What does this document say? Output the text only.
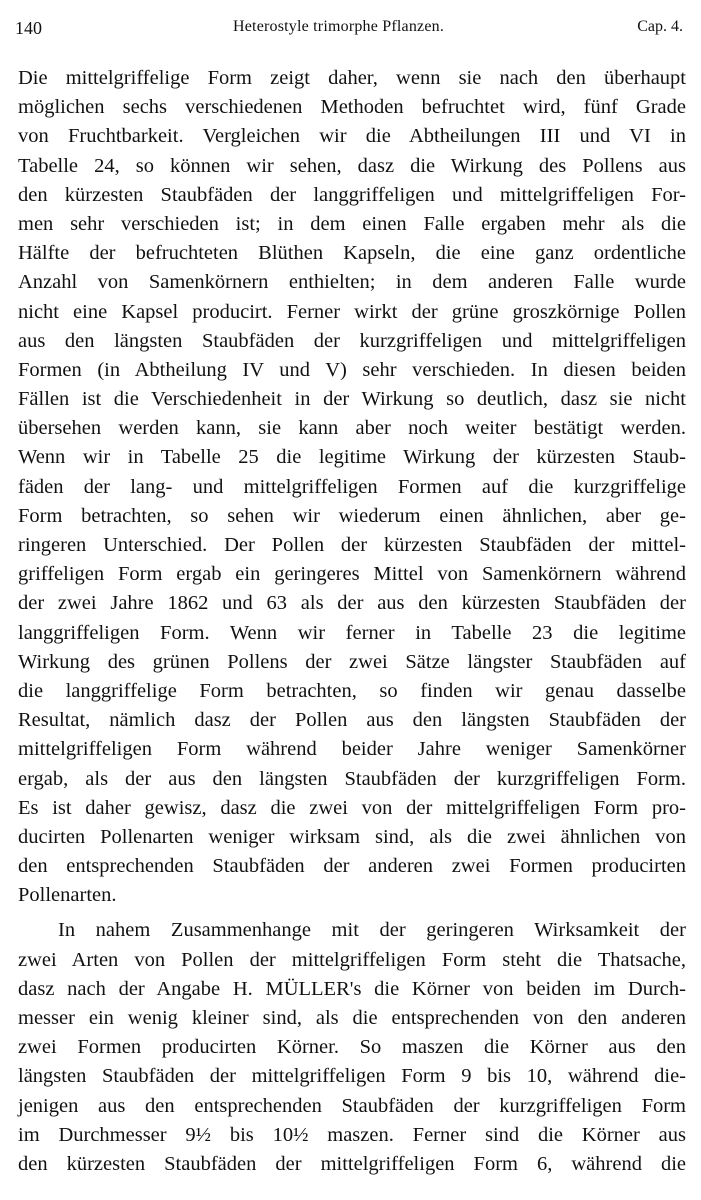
140	Heterostyle trimorphe Pflanzen.	Cap. 4.
Die mittelgriffelige Form zeigt daher, wenn sie nach den überhaupt
möglichen sechs verschiedenen Methoden befruchtet wird, fünf Grade
von Fruchtbarkeit. Vergleichen wir die Abtheilungen III und VI in
Tabelle 24, so können wir sehen, dasz die Wirkung des Pollens aus
den kürzesten Staubfäden der langgriffeligen und mittelgriffeligen For-
men sehr verschieden ist; in dem einen Falle ergaben mehr als die
Hälfte der befruchteten Blüthen Kapseln, die eine ganz ordentliche
Anzahl von Samenkörnern enthielten; in dem anderen Falle wurde
nicht eine Kapsel producirt. Ferner wirkt der grüne groszkörnige Pollen
aus den längsten Staubfäden der kurzgriffeligen und mittelgriffeligen
Formen (in Abtheilung IV und V) sehr verschieden. In diesen beiden
Fällen ist die Verschiedenheit in der Wirkung so deutlich, dasz sie nicht
übersehen werden kann, sie kann aber noch weiter bestätigt werden.
Wenn wir in Tabelle 25 die legitime Wirkung der kürzesten Staub-
fäden der lang- und mittelgriffeligen Formen auf die kurzgriffelige
Form betrachten, so sehen wir wiederum einen ähnlichen, aber ge-
ringeren Unterschied. Der Pollen der kürzesten Staubfäden der mittel-
griffeligen Form ergab ein geringeres Mittel von Samenkörnern während
der zwei Jahre 1862 und 63 als der aus den kürzesten Staubfäden der
langgriffeligen Form. Wenn wir ferner in Tabelle 23 die legitime
Wirkung des grünen Pollens der zwei Sätze längster Staubfäden auf
die langgriffelige Form betrachten, so finden wir genau dasselbe
Resultat, nämlich dasz der Pollen aus den längsten Staubfäden der
mittelgriffeligen Form während beider Jahre weniger Samenkörner
ergab, als der aus den längsten Staubfäden der kurzgriffeligen Form.
Es ist daher gewisz, dasz die zwei von der mittelgriffeligen Form pro-
ducirten Pollenarten weniger wirksam sind, als die zwei ähnlichen von
den entsprechenden Staubfäden der anderen zwei Formen producirten
Pollenarten.
In nahem Zusammenhange mit der geringeren Wirksamkeit der
zwei Arten von Pollen der mittelgriffeligen Form steht die Thatsache,
dasz nach der Angabe H. MÜLLER's die Körner von beiden im Durch-
messer ein wenig kleiner sind, als die entsprechenden von den anderen
zwei Formen producirten Körner. So maszen die Körner aus den
längsten Staubfäden der mittelgriffeligen Form 9 bis 10, während die-
jenigen aus den entsprechenden Staubfäden der kurzgriffeligen Form
im Durchmesser 9½ bis 10½ maszen. Ferner sind die Körner aus
den kürzesten Staubfäden der mittelgriffeligen Form 6, während die
